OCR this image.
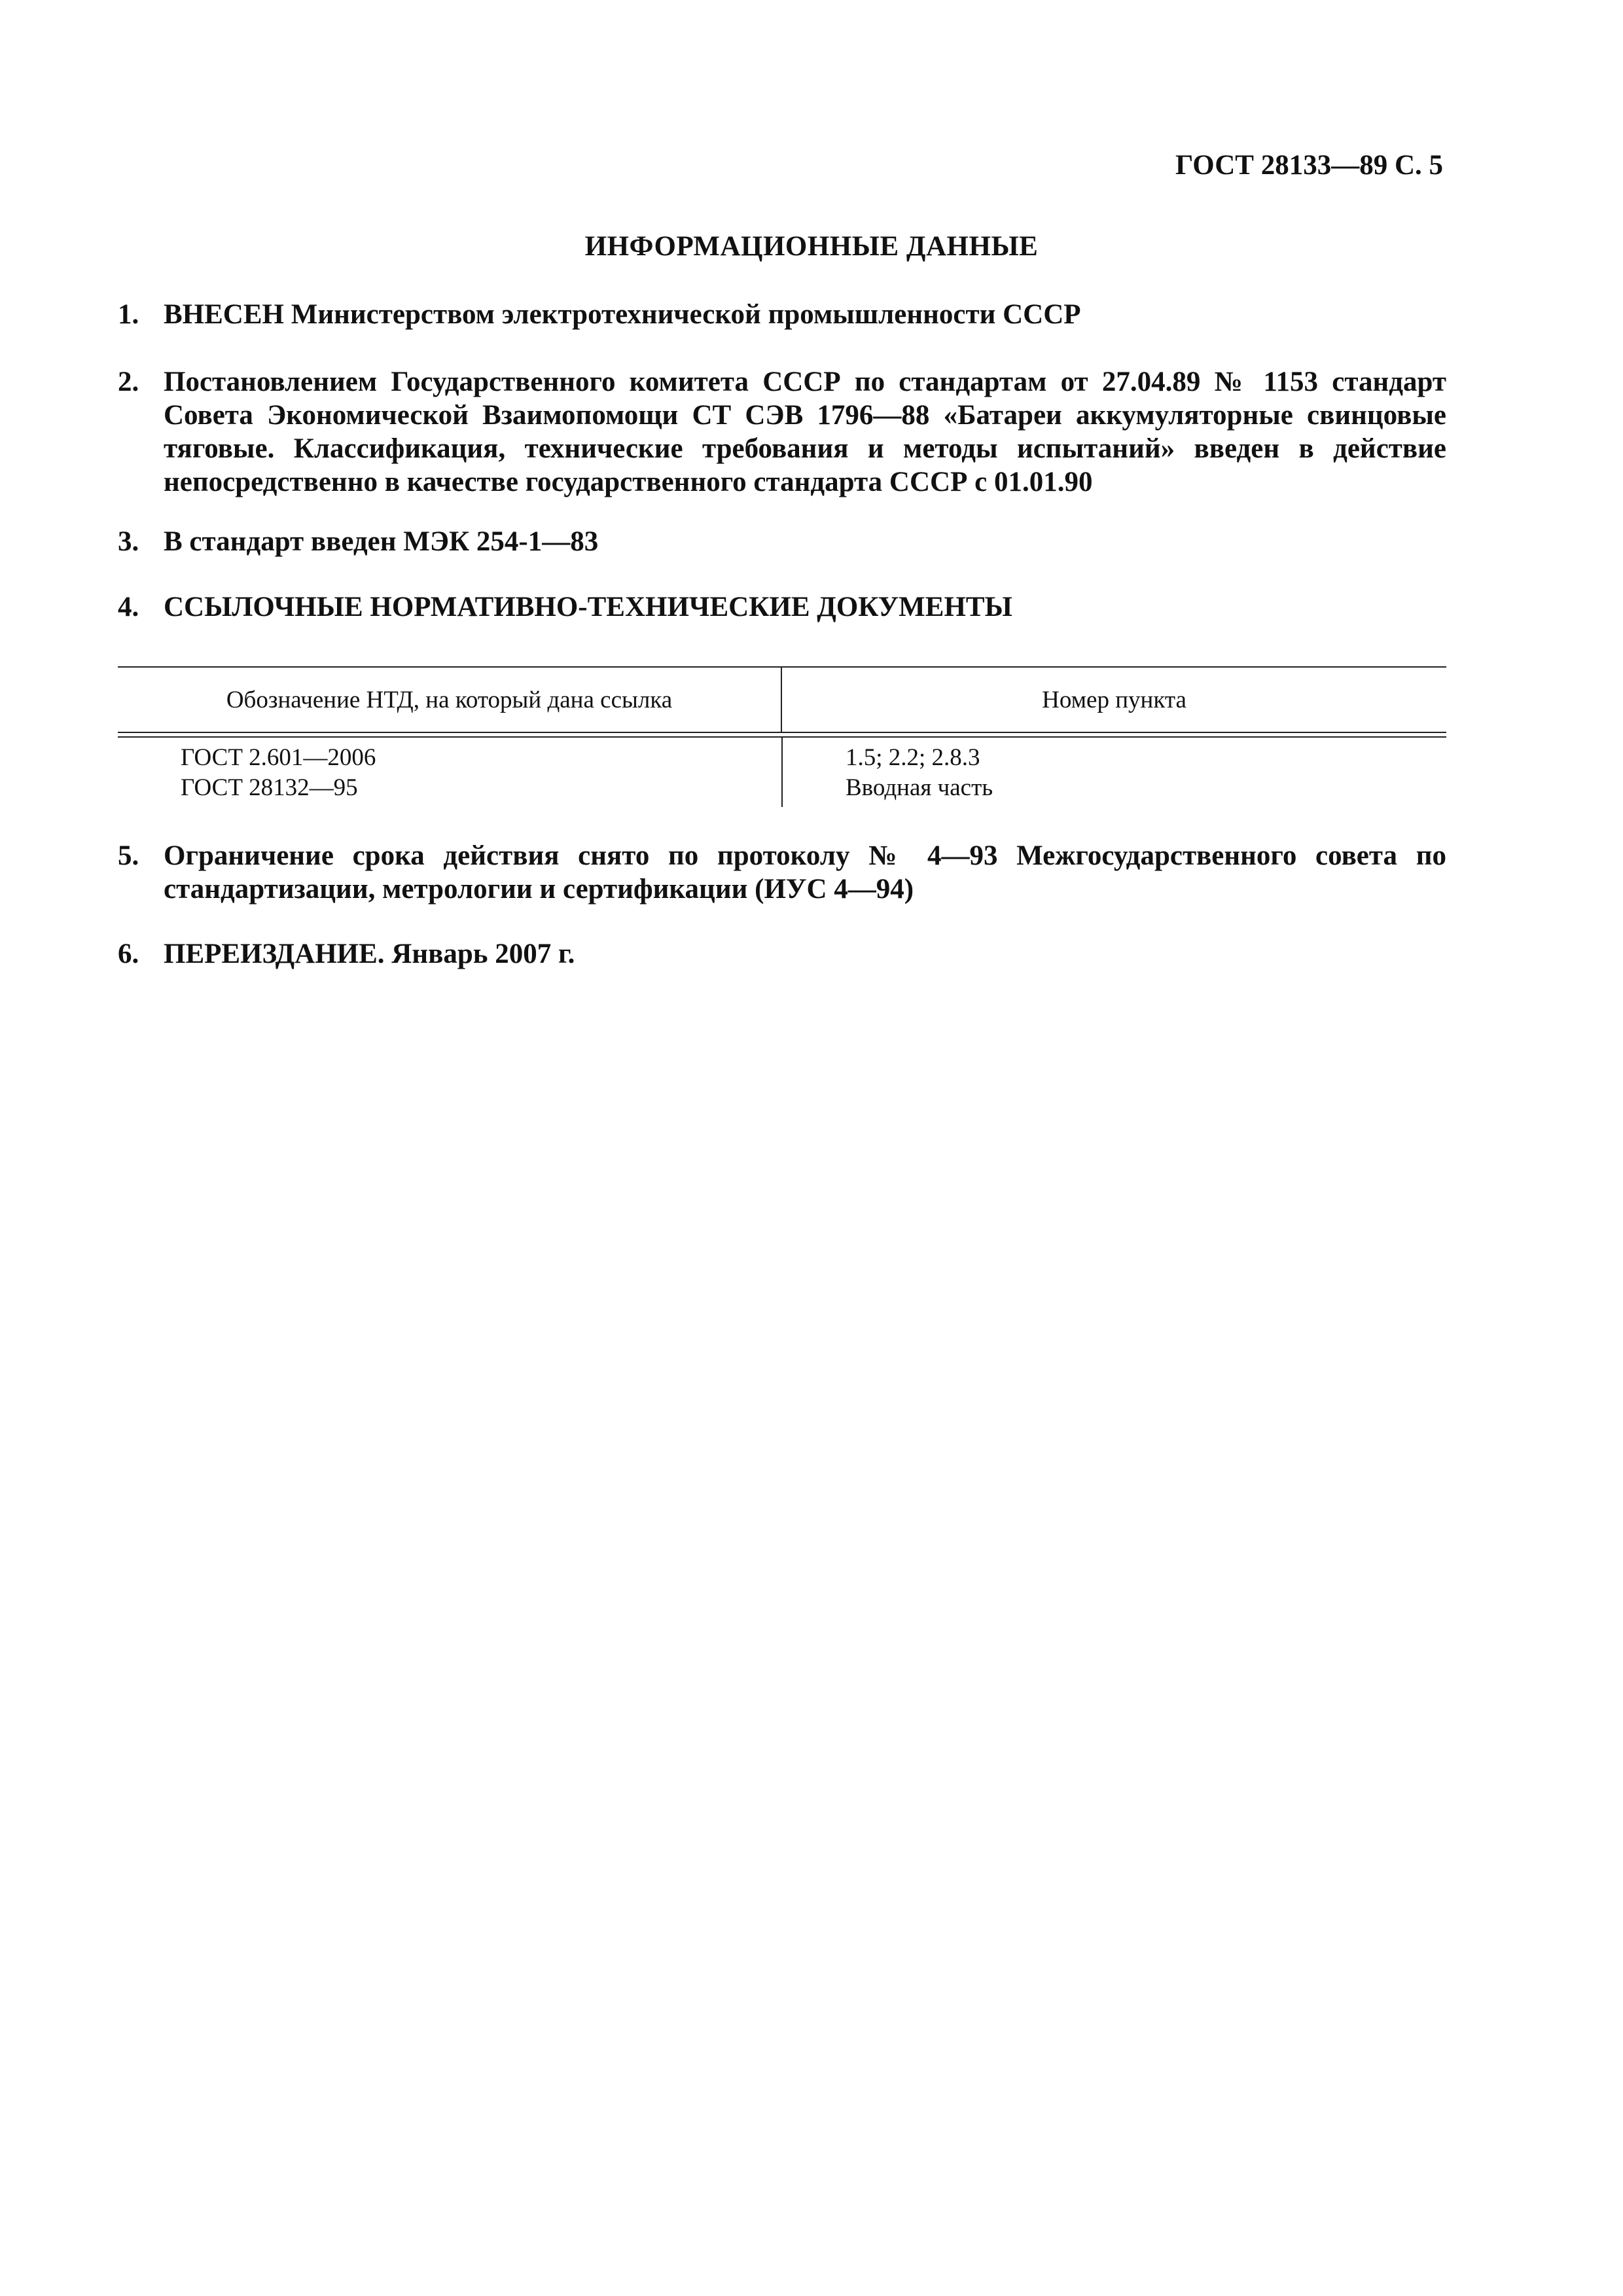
ГОСТ 28133—89 С. 5
ИНФОРМАЦИОННЫЕ ДАННЫЕ
1. ВНЕСЕН Министерством электротехнической промышленности СССР
2. Постановлением Государственного комитета СССР по стандартам от 27.04.89 № 1153 стандарт Совета Экономической Взаимопомощи СТ СЭВ 1796—88 «Батареи аккумуляторные свинцовые тяговые. Классификация, технические требования и методы испытаний» введен в действие непосредственно в качестве государственного стандарта СССР с 01.01.90
3. В стандарт введен МЭК 254-1—83
4. ССЫЛОЧНЫЕ НОРМАТИВНО-ТЕХНИЧЕСКИЕ ДОКУМЕНТЫ
Обозначение НТД, на который дана ссылка	Номер пункта
ГОСТ 2.601—2006
ГОСТ 28132—95
1.5; 2.2; 2.8.3
Вводная часть
5. Ограничение срока действия снято по протоколу № 4—93 Межгосударственного совета по стандартизации, метрологии и сертификации (ИУС 4—94)
6. ПЕРЕИЗДАНИЕ. Январь 2007 г.
